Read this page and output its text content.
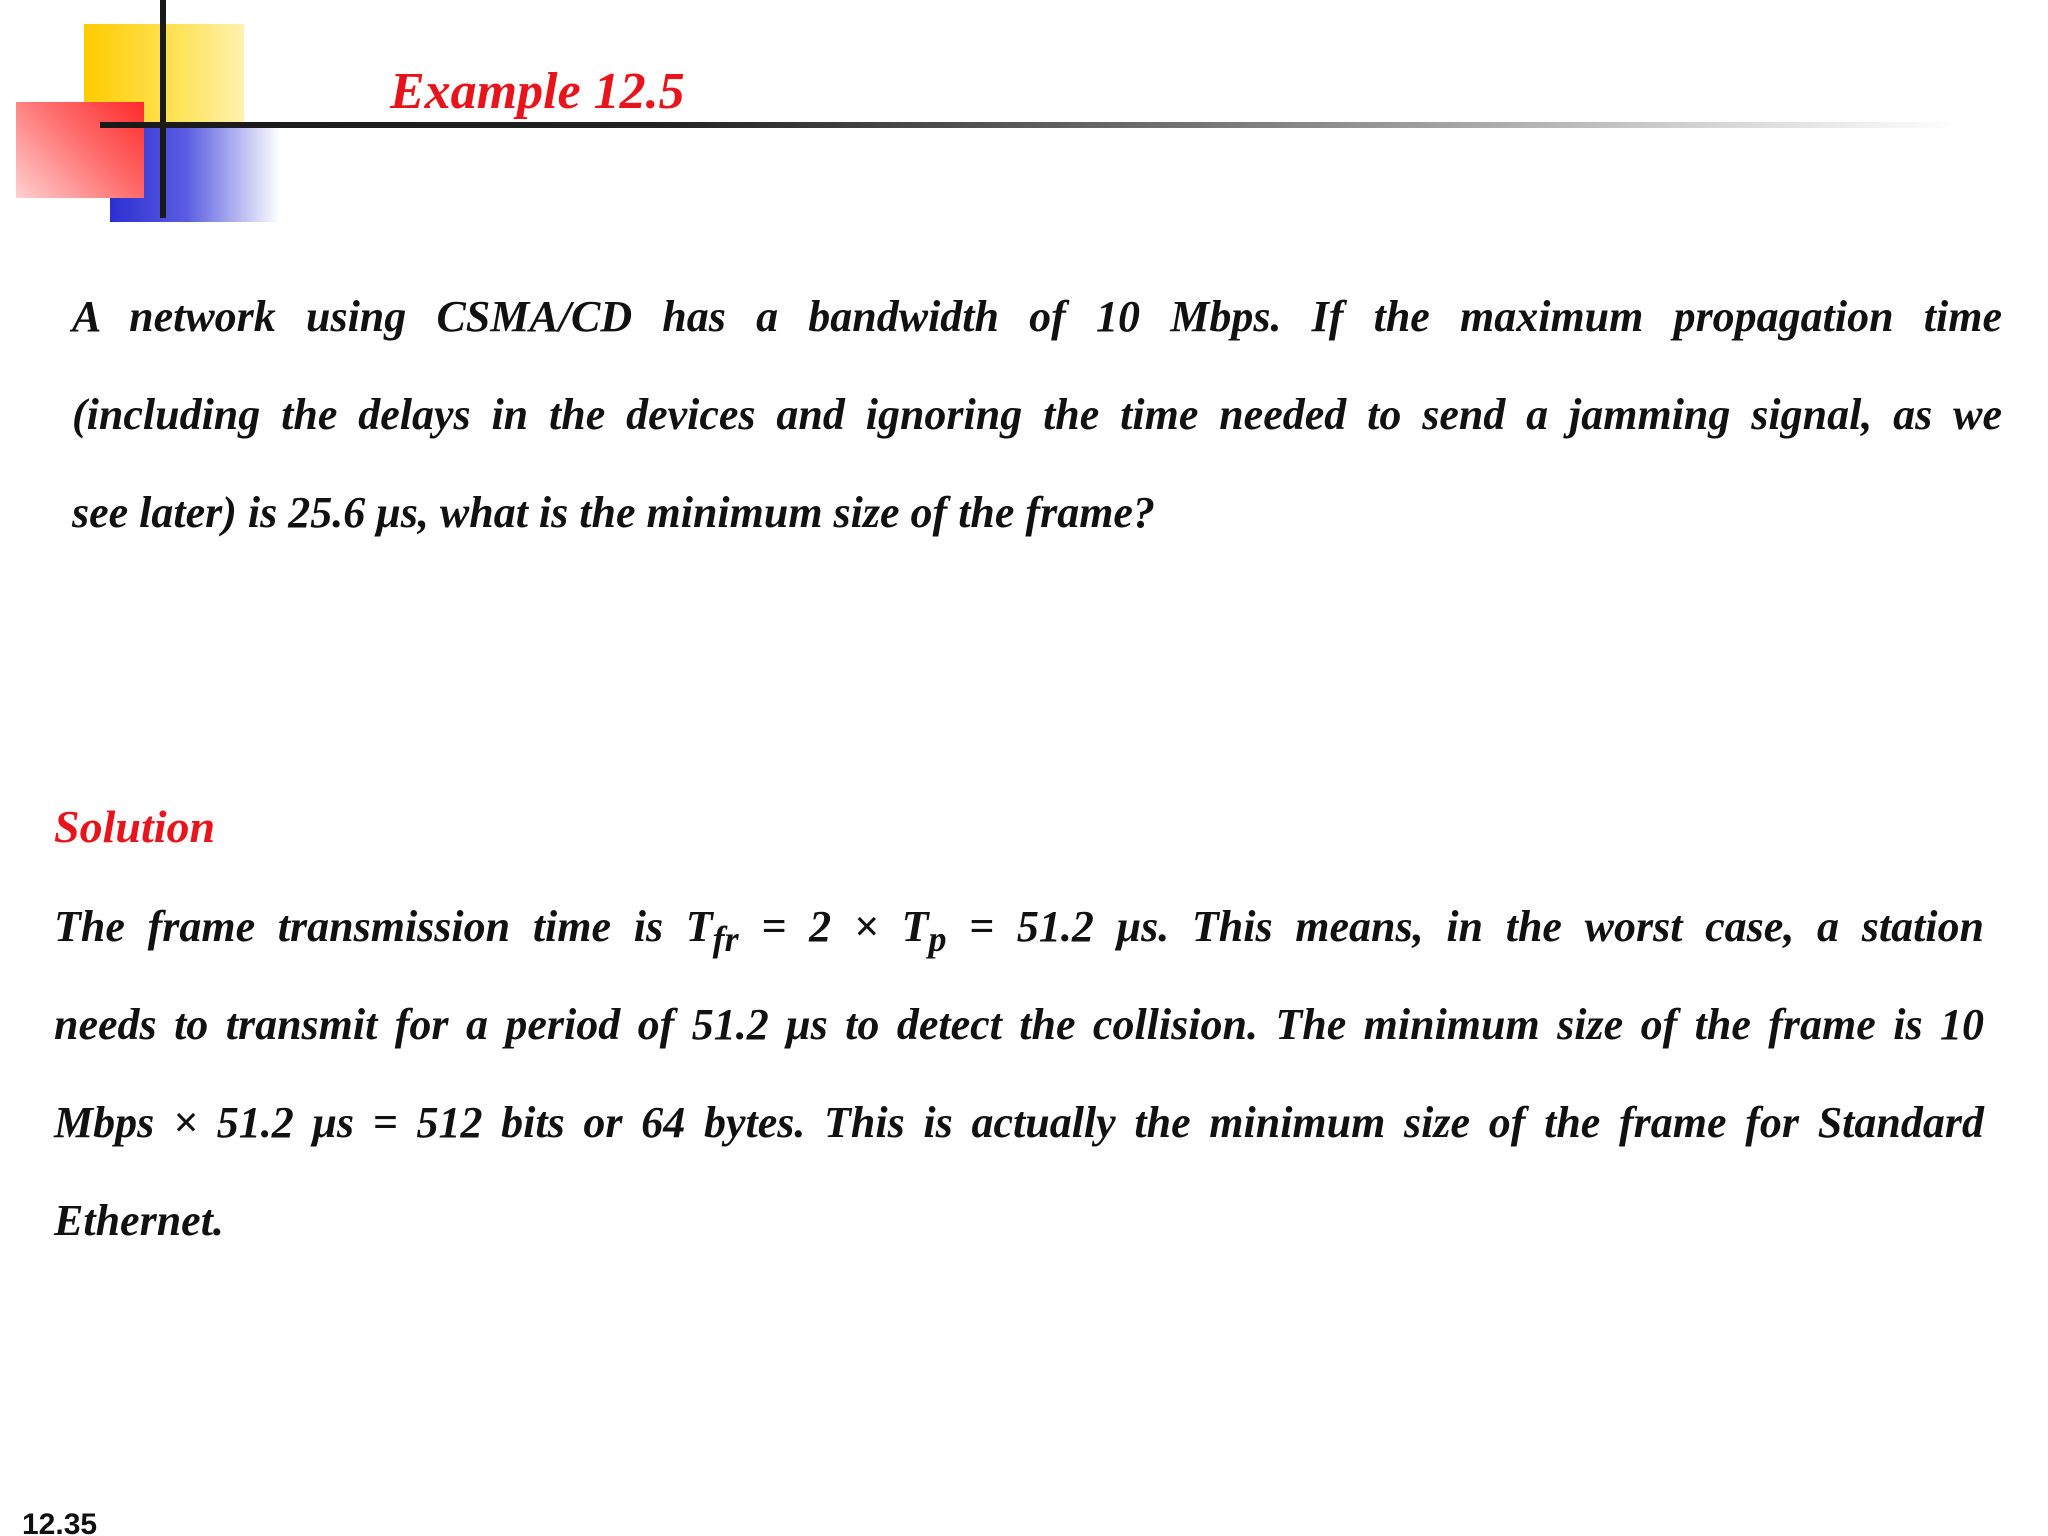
Example 12.5
A network using CSMA/CD has a bandwidth of 10 Mbps. If the maximum propagation time
(including the delays in the devices and ignoring the time needed to send a jamming signal, as we
see later) is 25.6 μs, what is the minimum size of the frame?
Solution
The frame transmission time is $T_{fr} = 2 \times T_p = 51.2$ μs. This means, in the worst case, a station
needs to transmit for a period of 51.2 μs to detect the collision. The minimum size of the frame is 10
Mbps × 51.2 μs = 512 bits or 64 bytes. This is actually the minimum size of the frame for Standard
Ethernet.
12.35
